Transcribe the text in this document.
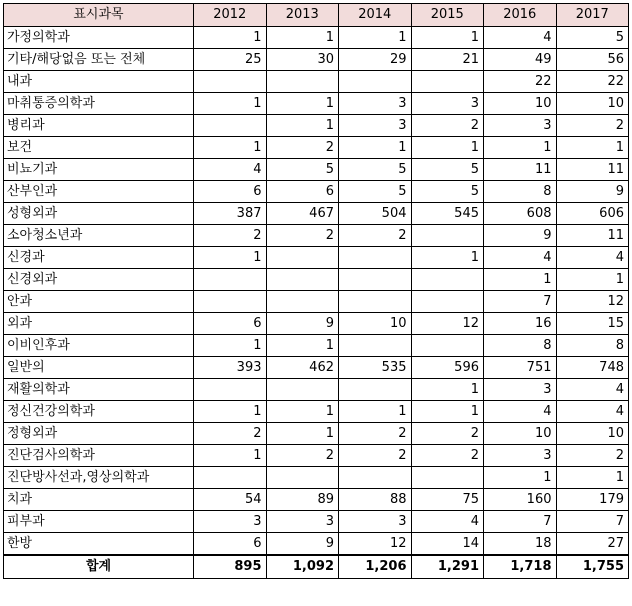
표시과목	2012	2013	2014	2015	2016	2017
가정의학과	1	1	1	1	4	5
기타/해당없음 또는 전체	25	30	29	21	49	56
내과					22	22
마취통증의학과	1	1	3	3	10	10
병리과		1	3	2	3	2
보건	1	2	1	1	1	1
비뇨기과	4	5	5	5	11	11
산부인과	6	6	5	5	8	9
성형외과	387	467	504	545	608	606
소아청소년과	2	2	2		9	11
신경과	1			1	4	4
신경외과					1	1
안과					7	12
외과	6	9	10	12	16	15
이비인후과	1	1			8	8
일반의	393	462	535	596	751	748
재활의학과				1	3	4
정신건강의학과	1	1	1	1	4	4
정형외과	2	1	2	2	10	10
진단검사의학과	1	2	2	2	3	2
진단방사선과,영상의학과					1	1
치과	54	89	88	75	160	179
피부과	3	3	3	4	7	7
한방	6	9	12	14	18	27
합계	895	1,092	1,206	1,291	1,718	1,755
